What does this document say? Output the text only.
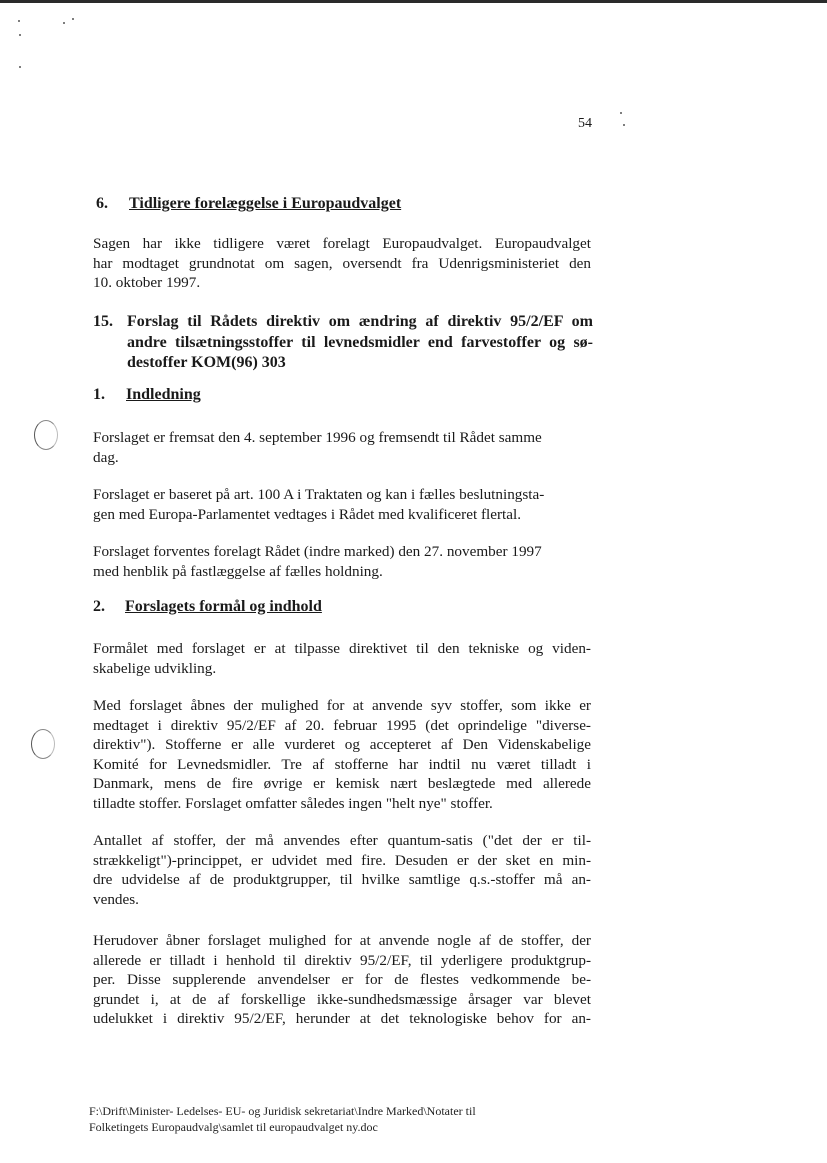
54
6. Tidligere forelæggelse i Europaudvalget
Sagen har ikke tidligere været forelagt Europaudvalget. Europaudvalget
har modtaget grundnotat om sagen, oversendt fra Udenrigsministeriet den
10. oktober 1997.
15. Forslag til Rådets direktiv om ændring af direktiv 95/2/EF om
andre tilsætningsstoffer til levnedsmidler end farvestoffer og sø-
destoffer KOM(96) 303
1. Indledning
Forslaget er fremsat den 4. september 1996 og fremsendt til Rådet samme
dag.
Forslaget er baseret på art. 100 A i Traktaten og kan i fælles beslutningsta-
gen med Europa-Parlamentet vedtages i Rådet med kvalificeret flertal.
Forslaget forventes forelagt Rådet (indre marked) den 27. november 1997
med henblik på fastlæggelse af fælles holdning.
2. Forslagets formål og indhold
Formålet med forslaget er at tilpasse direktivet til den tekniske og viden-
skabelige udvikling.
Med forslaget åbnes der mulighed for at anvende syv stoffer, som ikke er
medtaget i direktiv 95/2/EF af 20. februar 1995 (det oprindelige "diverse-
direktiv"). Stofferne er alle vurderet og accepteret af Den Videnskabelige
Komité for Levnedsmidler. Tre af stofferne har indtil nu været tilladt i
Danmark, mens de fire øvrige er kemisk nært beslægtede med allerede
tilladte stoffer. Forslaget omfatter således ingen "helt nye" stoffer.
Antallet af stoffer, der må anvendes efter quantum-satis ("det der er til-
strækkeligt")-princippet, er udvidet med fire. Desuden er der sket en min-
dre udvidelse af de produktgrupper, til hvilke samtlige q.s.-stoffer må an-
vendes.
Herudover åbner forslaget mulighed for at anvende nogle af de stoffer, der
allerede er tilladt i henhold til direktiv 95/2/EF, til yderligere produktgrup-
per. Disse supplerende anvendelser er for de flestes vedkommende be-
grundet i, at de af forskellige ikke-sundhedsmæssige årsager var blevet
udelukket i direktiv 95/2/EF, herunder at det teknologiske behov for an-
F:\Drift\Minister- Ledelses- EU- og Juridisk sekretariat\Indre Marked\Notater til
Folketingets Europaudvalg\samlet til europaudvalget ny.doc
